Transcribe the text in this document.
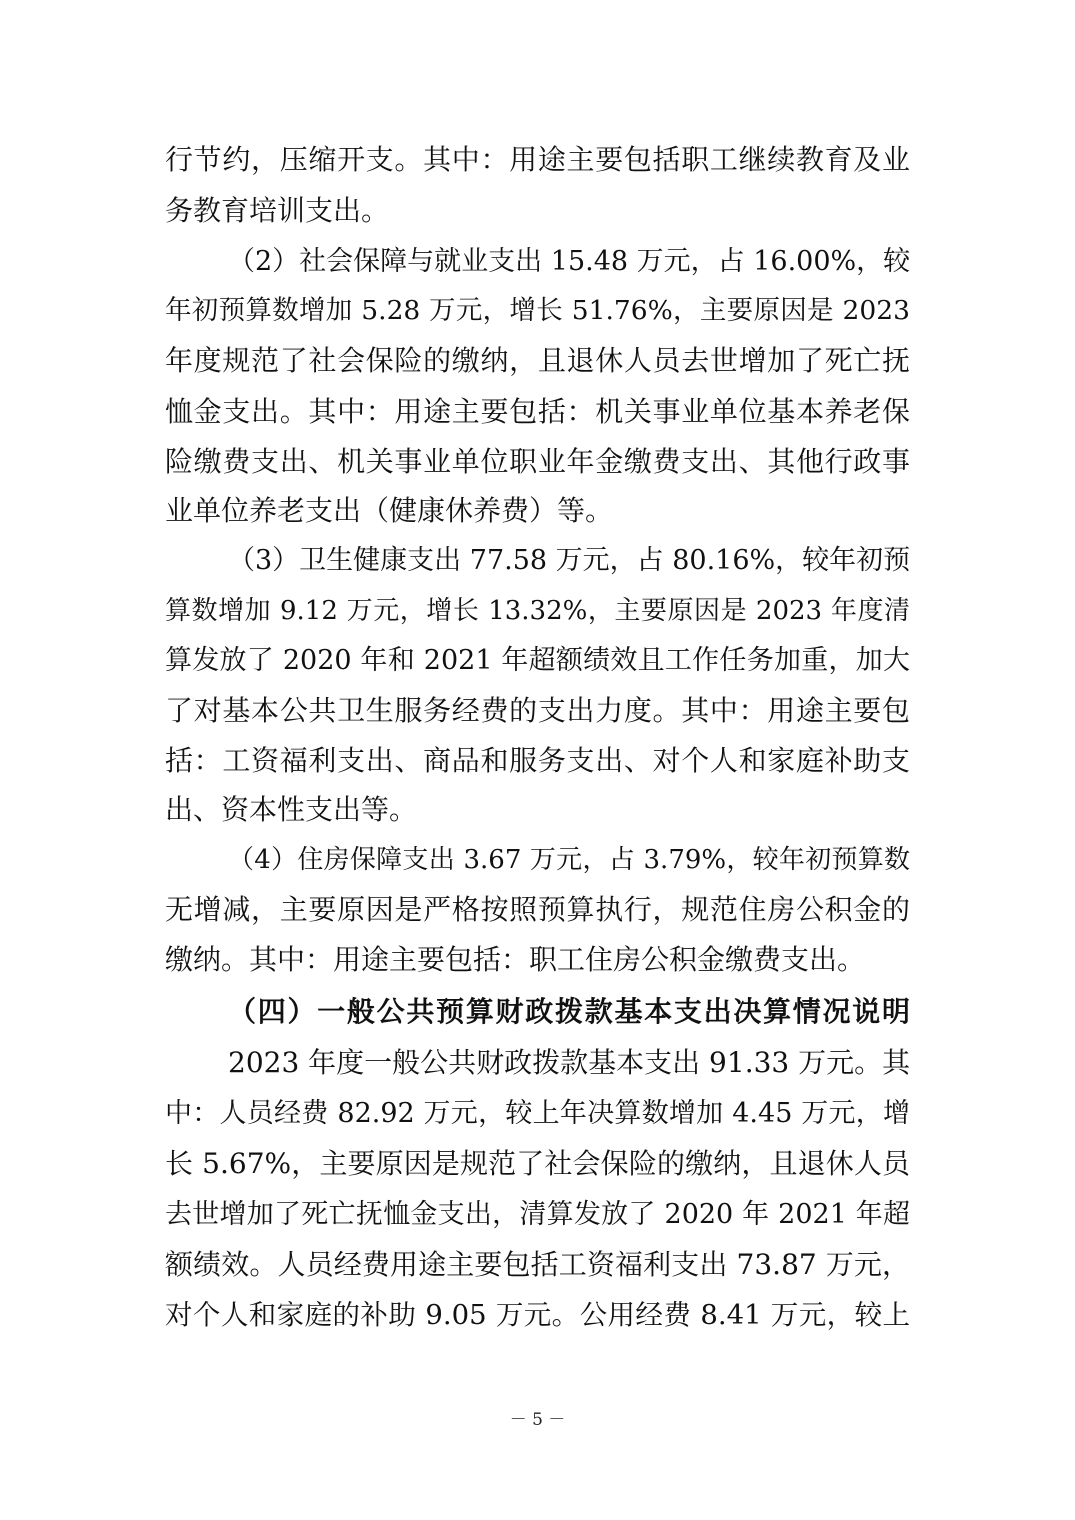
行节约，压缩开支。其中：用途主要包括职工继续教育及业
务教育培训支出。
（2）社会保障与就业支出 15.48 万元，占 16.00%，较
年初预算数增加 5.28 万元，增长 51.76%，主要原因是 2023
年度规范了社会保险的缴纳，且退休人员去世增加了死亡抚
恤金支出。其中：用途主要包括：机关事业单位基本养老保
险缴费支出、机关事业单位职业年金缴费支出、其他行政事
业单位养老支出（健康休养费）等。
（3）卫生健康支出 77.58 万元，占 80.16%，较年初预
算数增加 9.12 万元，增长 13.32%，主要原因是 2023 年度清
算发放了 2020 年和 2021 年超额绩效且工作任务加重，加大
了对基本公共卫生服务经费的支出力度。其中：用途主要包
括：工资福利支出、商品和服务支出、对个人和家庭补助支
出、资本性支出等。
（4）住房保障支出 3.67 万元，占 3.79%，较年初预算数
无增减，主要原因是严格按照预算执行，规范住房公积金的
缴纳。其中：用途主要包括：职工住房公积金缴费支出。
（四）一般公共预算财政拨款基本支出决算情况说明
2023 年度一般公共财政拨款基本支出 91.33 万元。其
中：人员经费 82.92 万元，较上年决算数增加 4.45 万元，增
长 5.67%，主要原因是规范了社会保险的缴纳，且退休人员
去世增加了死亡抚恤金支出，清算发放了 2020 年 2021 年超
额绩效。人员经费用途主要包括工资福利支出 73.87 万元，
对个人和家庭的补助 9.05 万元。公用经费 8.41 万元，较上
－ 5 －
